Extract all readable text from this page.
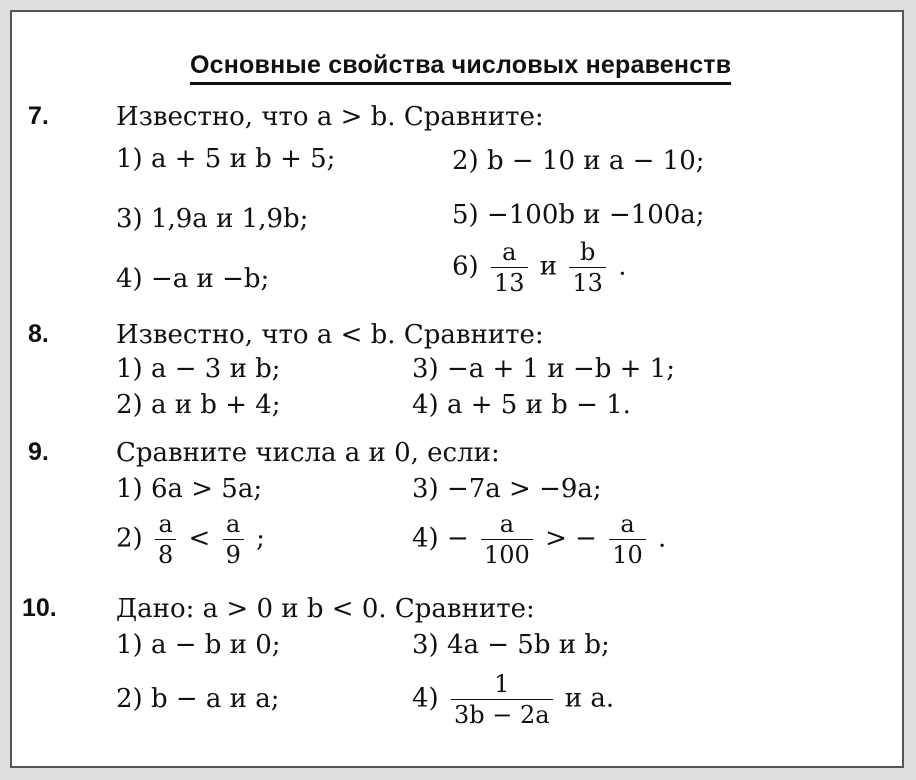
Основные свойства числовых неравенств
7.	Известно, что a > b. Сравните:
1) a + 5 и b + 5;	2) b − 10 и a − 10;
3) 1,9a и 1,9b;	5) −100b и −100a;
4) −a и −b;	$6) \frac{a}{13}$ и $\frac{b}{13}$ .
8.	Известно, что a < b. Сравните:
1) a − 3 и b;	3) −a + 1 и −b + 1;
2) a и b + 4;	4) a + 5 и b − 1.
9.	Сравните числа a и 0, если:
1) 6a > 5a;	3) −7a > −9a;
$2) \frac{a}{8} < \frac{a}{9}$ ;	$4) - \frac{a}{100}$ > − $\frac{a}{10}$ .
10. Дано: a > 0 и b < 0. Сравните:
1) a − b и 0;	3) 4a − 5b и b;
2) b − a и a;	$4) \frac{1}{3b - 2a}$ и a.
